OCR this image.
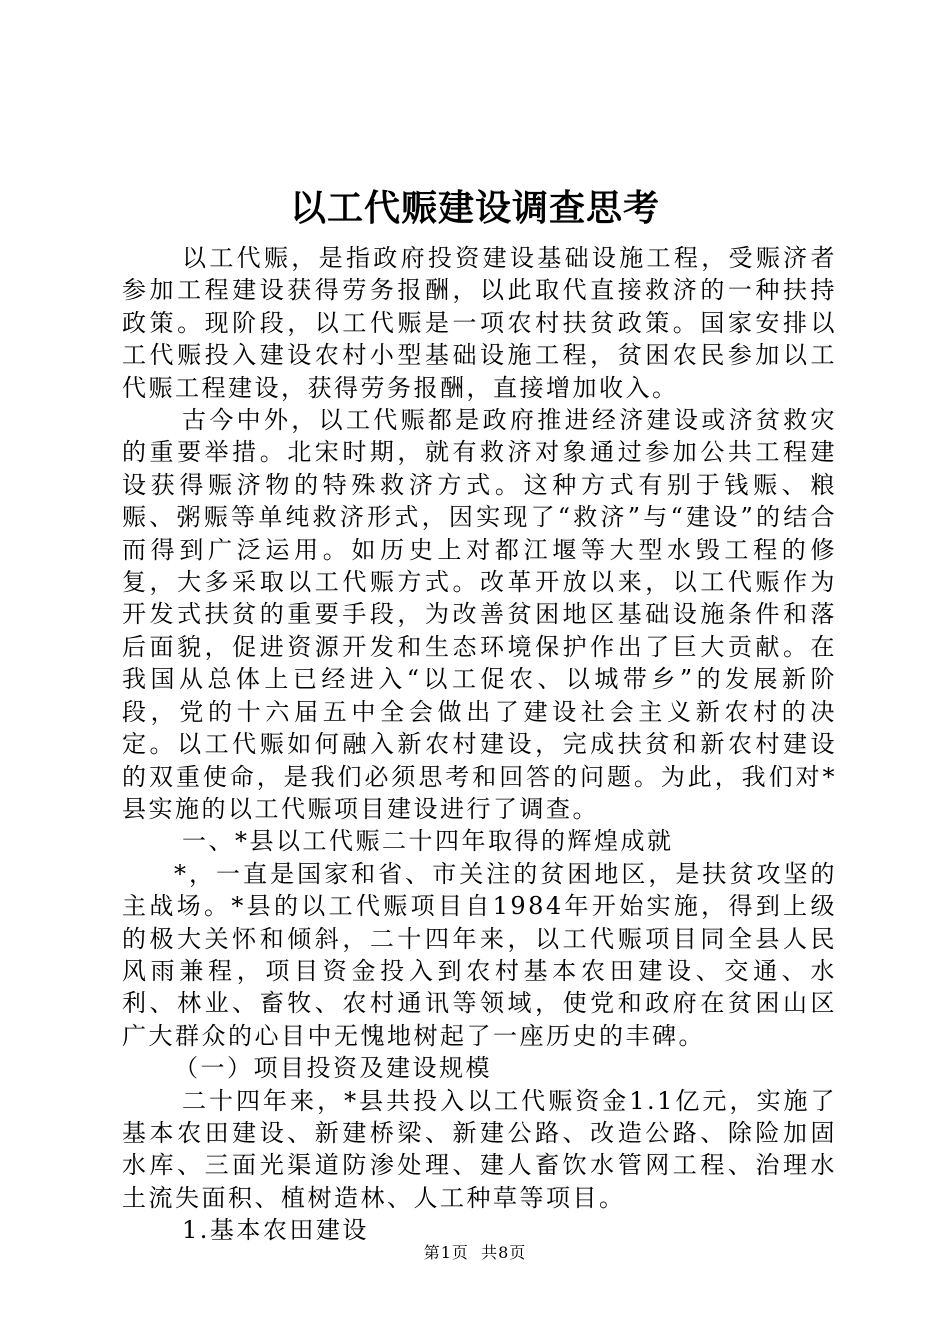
以工代赈建设调查思考

以工代赈，是指政府投资建设基础设施工程，受赈济者参加工程建设获得劳务报酬，以此取代直接救济的一种扶持政策。现阶段，以工代赈是一项农村扶贫政策。国家安排以工代赈投入建设农村小型基础设施工程，贫困农民参加以工代赈工程建设，获得劳务报酬，直接增加收入。

古今中外，以工代赈都是政府推进经济建设或济贫救灾的重要举措。北宋时期，就有救济对象通过参加公共工程建设获得赈济物的特殊救济方式。这种方式有别于钱赈、粮赈、粥赈等单纯救济形式，因实现了“救济”与“建设”的结合而得到广泛运用。如历史上对都江堰等大型水毁工程的修复，大多采取以工代赈方式。改革开放以来，以工代赈作为开发式扶贫的重要手段，为改善贫困地区基础设施条件和落后面貌，促进资源开发和生态环境保护作出了巨大贡献。在我国从总体上已经进入“以工促农、以城带乡”的发展新阶段，党的十六届五中全会做出了建设社会主义新农村的决定。以工代赈如何融入新农村建设，完成扶贫和新农村建设的双重使命，是我们必须思考和回答的问题。为此，我们对*县实施的以工代赈项目建设进行了调查。

一、*县以工代赈二十四年取得的辉煌成就

*，一直是国家和省、市关注的贫困地区，是扶贫攻坚的主战场。*县的以工代赈项目自1984年开始实施，得到上级的极大关怀和倾斜，二十四年来，以工代赈项目同全县人民风雨兼程，项目资金投入到农村基本农田建设、交通、水利、林业、畜牧、农村通讯等领域，使党和政府在贫困山区广大群众的心目中无愧地树起了一座历史的丰碑。

（一）项目投资及建设规模

二十四年来，*县共投入以工代赈资金1.1亿元，实施了基本农田建设、新建桥梁、新建公路、改造公路、除险加固水库、三面光渠道防渗处理、建人畜饮水管网工程、治理水土流失面积、植树造林、人工种草等项目。

1.基本农田建设

第1页  共8页
